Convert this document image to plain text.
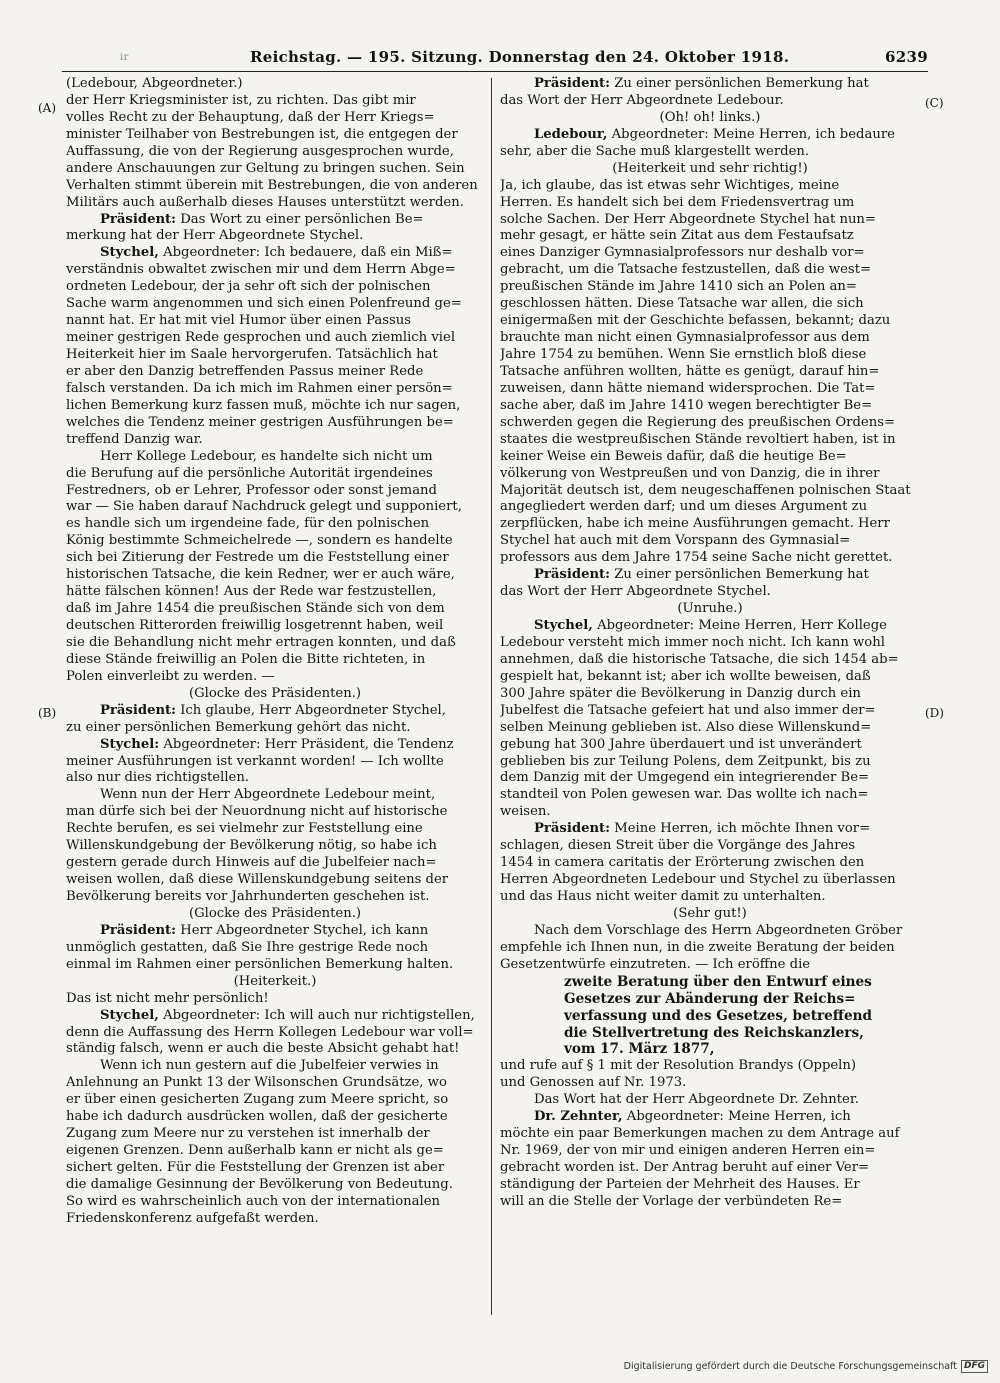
ir	Reichstag. — 195. Sitzung. Donnerstag den 24. Oktober 1918.	6239
(A)
(B)
(C)
(D)
(Ledebour, Abgeordneter.)
der Herr Kriegsminister ist, zu richten. Das gibt mir
volles Recht zu der Behauptung, daß der Herr Kriegs=
minister Teilhaber von Bestrebungen ist, die entgegen der
Auffassung, die von der Regierung ausgesprochen wurde,
andere Anschauungen zur Geltung zu bringen suchen. Sein
Verhalten stimmt überein mit Bestrebungen, die von anderen
Militärs auch außerhalb dieses Hauses unterstützt werden.
Präsident: Das Wort zu einer persönlichen Be=
merkung hat der Herr Abgeordnete Stychel.
Stychel, Abgeordneter: Ich bedauere, daß ein Miß=
verständnis obwaltet zwischen mir und dem Herrn Abge=
ordneten Ledebour, der ja sehr oft sich der polnischen
Sache warm angenommen und sich einen Polenfreund ge=
nannt hat. Er hat mit viel Humor über einen Passus
meiner gestrigen Rede gesprochen und auch ziemlich viel
Heiterkeit hier im Saale hervorgerufen. Tatsächlich hat
er aber den Danzig betreffenden Passus meiner Rede
falsch verstanden. Da ich mich im Rahmen einer persön=
lichen Bemerkung kurz fassen muß, möchte ich nur sagen,
welches die Tendenz meiner gestrigen Ausführungen be=
treffend Danzig war.
Herr Kollege Ledebour, es handelte sich nicht um
die Berufung auf die persönliche Autorität irgendeines
Festredners, ob er Lehrer, Professor oder sonst jemand
war — Sie haben darauf Nachdruck gelegt und supponiert,
es handle sich um irgendeine fade, für den polnischen
König bestimmte Schmeichelrede —, sondern es handelte
sich bei Zitierung der Festrede um die Feststellung einer
historischen Tatsache, die kein Redner, wer er auch wäre,
hätte fälschen können! Aus der Rede war festzustellen,
daß im Jahre 1454 die preußischen Stände sich von dem
deutschen Ritterorden freiwillig losgetrennt haben, weil
sie die Behandlung nicht mehr ertragen konnten, und daß
diese Stände freiwillig an Polen die Bitte richteten, in
Polen einverleibt zu werden. —
(Glocke des Präsidenten.)
Präsident: Ich glaube, Herr Abgeordneter Stychel,
zu einer persönlichen Bemerkung gehört das nicht.
Stychel: Abgeordneter: Herr Präsident, die Tendenz
meiner Ausführungen ist verkannt worden! — Ich wollte
also nur dies richtigstellen.
Wenn nun der Herr Abgeordnete Ledebour meint,
man dürfe sich bei der Neuordnung nicht auf historische
Rechte berufen, es sei vielmehr zur Feststellung eine
Willenskundgebung der Bevölkerung nötig, so habe ich
gestern gerade durch Hinweis auf die Jubelfeier nach=
weisen wollen, daß diese Willenskundgebung seitens der
Bevölkerung bereits vor Jahrhunderten geschehen ist.
(Glocke des Präsidenten.)
Präsident: Herr Abgeordneter Stychel, ich kann
unmöglich gestatten, daß Sie Ihre gestrige Rede noch
einmal im Rahmen einer persönlichen Bemerkung halten.
(Heiterkeit.)
Das ist nicht mehr persönlich!
Stychel, Abgeordneter: Ich will auch nur richtigstellen,
denn die Auffassung des Herrn Kollegen Ledebour war voll=
ständig falsch, wenn er auch die beste Absicht gehabt hat!
Wenn ich nun gestern auf die Jubelfeier verwies in
Anlehnung an Punkt 13 der Wilsonschen Grundsätze, wo
er über einen gesicherten Zugang zum Meere spricht, so
habe ich dadurch ausdrücken wollen, daß der gesicherte
Zugang zum Meere nur zu verstehen ist innerhalb der
eigenen Grenzen. Denn außerhalb kann er nicht als ge=
sichert gelten. Für die Feststellung der Grenzen ist aber
die damalige Gesinnung der Bevölkerung von Bedeutung.
So wird es wahrscheinlich auch von der internationalen
Friedenskonferenz aufgefaßt werden.
Präsident: Zu einer persönlichen Bemerkung hat
das Wort der Herr Abgeordnete Ledebour.
(Oh! oh! links.)
Ledebour, Abgeordneter: Meine Herren, ich bedaure
sehr, aber die Sache muß klargestellt werden.
(Heiterkeit und sehr richtig!)
Ja, ich glaube, das ist etwas sehr Wichtiges, meine
Herren. Es handelt sich bei dem Friedensvertrag um
solche Sachen. Der Herr Abgeordnete Stychel hat nun=
mehr gesagt, er hätte sein Zitat aus dem Festaufsatz
eines Danziger Gymnasialprofessors nur deshalb vor=
gebracht, um die Tatsache festzustellen, daß die west=
preußischen Stände im Jahre 1410 sich an Polen an=
geschlossen hätten. Diese Tatsache war allen, die sich
einigermaßen mit der Geschichte befassen, bekannt; dazu
brauchte man nicht einen Gymnasialprofessor aus dem
Jahre 1754 zu bemühen. Wenn Sie ernstlich bloß diese
Tatsache anführen wollten, hätte es genügt, darauf hin=
zuweisen, dann hätte niemand widersprochen. Die Tat=
sache aber, daß im Jahre 1410 wegen berechtigter Be=
schwerden gegen die Regierung des preußischen Ordens=
staates die westpreußischen Stände revoltiert haben, ist in
keiner Weise ein Beweis dafür, daß die heutige Be=
völkerung von Westpreußen und von Danzig, die in ihrer
Majorität deutsch ist, dem neugeschaffenen polnischen Staat
angegliedert werden darf; und um dieses Argument zu
zerpflücken, habe ich meine Ausführungen gemacht. Herr
Stychel hat auch mit dem Vorspann des Gymnasial=
professors aus dem Jahre 1754 seine Sache nicht gerettet.
Präsident: Zu einer persönlichen Bemerkung hat
das Wort der Herr Abgeordnete Stychel.
(Unruhe.)
Stychel, Abgeordneter: Meine Herren, Herr Kollege
Ledebour versteht mich immer noch nicht. Ich kann wohl
annehmen, daß die historische Tatsache, die sich 1454 ab=
gespielt hat, bekannt ist; aber ich wollte beweisen, daß
300 Jahre später die Bevölkerung in Danzig durch ein
Jubelfest die Tatsache gefeiert hat und also immer der=
selben Meinung geblieben ist. Also diese Willenskund=
gebung hat 300 Jahre überdauert und ist unverändert
geblieben bis zur Teilung Polens, dem Zeitpunkt, bis zu
dem Danzig mit der Umgegend ein integrierender Be=
standteil von Polen gewesen war. Das wollte ich nach=
weisen.
Präsident: Meine Herren, ich möchte Ihnen vor=
schlagen, diesen Streit über die Vorgänge des Jahres
1454 in camera caritatis der Erörterung zwischen den
Herren Abgeordneten Ledebour und Stychel zu überlassen
und das Haus nicht weiter damit zu unterhalten.
(Sehr gut!)
Nach dem Vorschlage des Herrn Abgeordneten Gröber
empfehle ich Ihnen nun, in die zweite Beratung der beiden
Gesetzentwürfe einzutreten. — Ich eröffne die
zweite Beratung über den Entwurf eines
Gesetzes zur Abänderung der Reichs=
verfassung und des Gesetzes, betreffend
die Stellvertretung des Reichskanzlers,
vom 17. März 1877,
und rufe auf § 1 mit der Resolution Brandys (Oppeln)
und Genossen auf Nr. 1973.
Das Wort hat der Herr Abgeordnete Dr. Zehnter.
Dr. Zehnter, Abgeordneter: Meine Herren, ich
möchte ein paar Bemerkungen machen zu dem Antrage auf
Nr. 1969, der von mir und einigen anderen Herren ein=
gebracht worden ist. Der Antrag beruht auf einer Ver=
ständigung der Parteien der Mehrheit des Hauses. Er
will an die Stelle der Vorlage der verbündeten Re=
Digitalisierung gefördert durch die Deutsche Forschungsgemeinschaft DFG
